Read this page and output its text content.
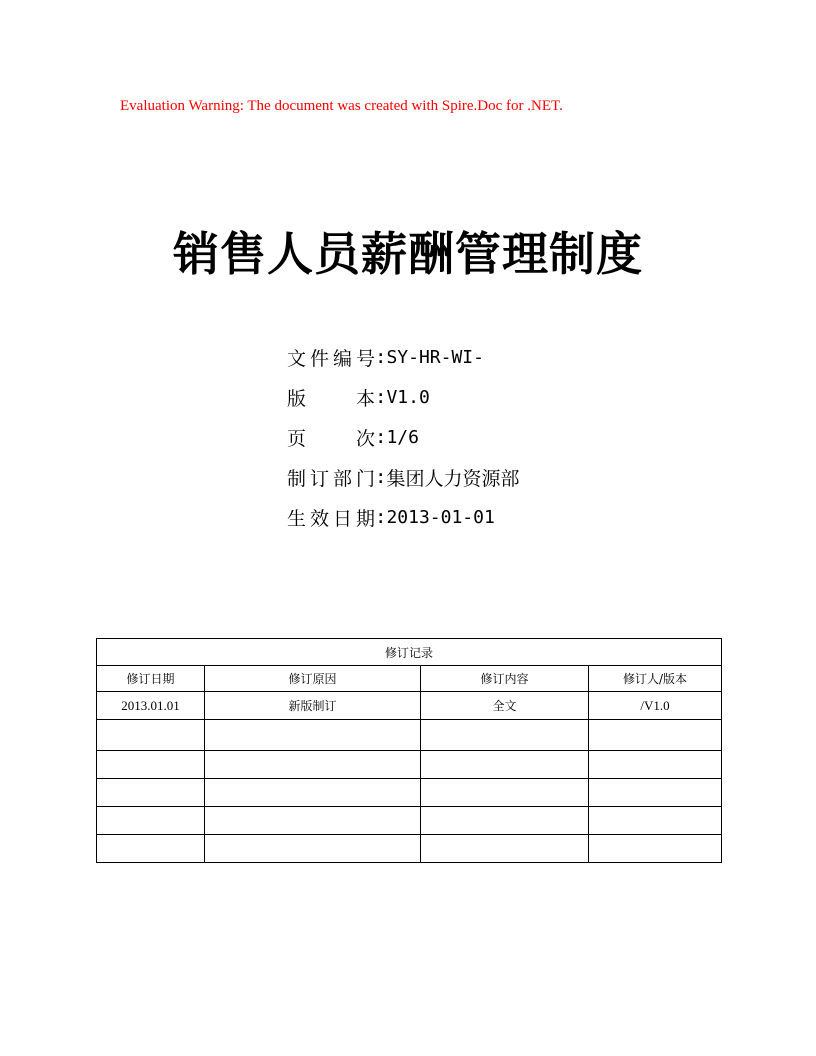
Evaluation Warning: The document was created with Spire.Doc for .NET.
销售人员薪酬管理制度
文件编号 : SY-HR-WI-
版　　本 : V1.0
页　　次 : 1/6
制订部门 : 集团人力资源部
生效日期 : 2013-01-01
修订记录			
修订日期	修订原因	修订内容	修订人/版本
2013.01.01	新版制订	全文	/V1.0
